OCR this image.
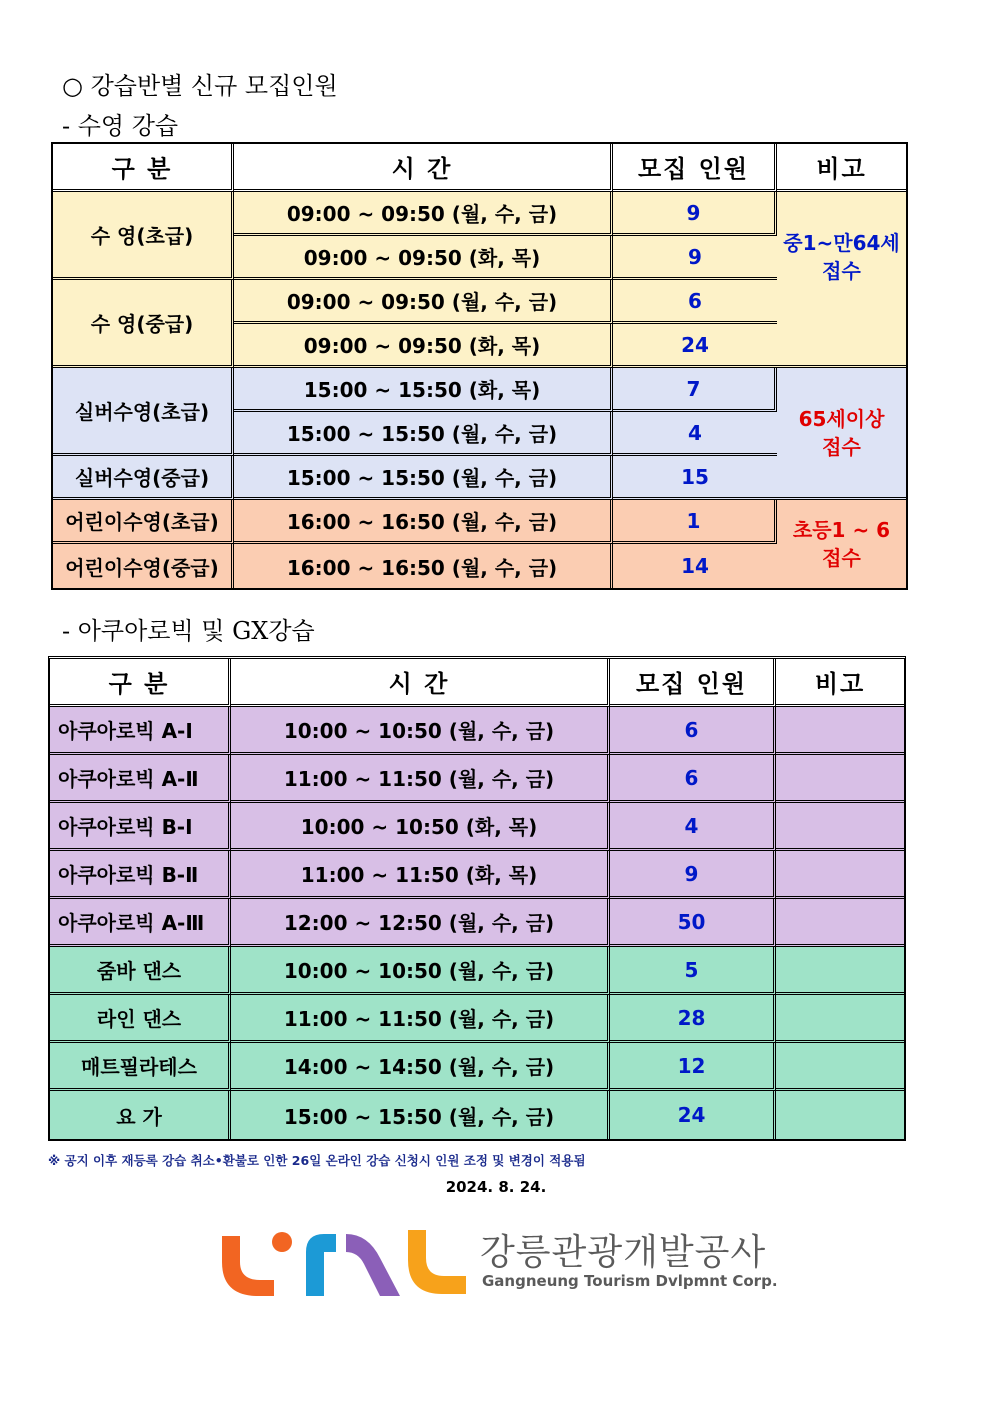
○ 강습반별 신규 모집인원
- 수영 강습
구 분	시 간	모집 인원	비고
수 영(초급)	09:00 ~ 09:50 (월, 수, 금)	9	중1~만64세
접수

	09:00 ~ 09:50 (화, 목)	9	
수 영(중급)	09:00 ~ 09:50 (월, 수, 금)	6	
	09:00 ~ 09:50 (화, 목)	24	
실버수영(초급)	15:00 ~ 15:50 (화, 목)	7	65세이상
접수

	15:00 ~ 15:50 (월, 수, 금)	4	
실버수영(중급)	15:00 ~ 15:50 (월, 수, 금)	15	
어린이수영(초급)	16:00 ~ 16:50 (월, 수, 금)	1	초등1 ~ 6
접수

어린이수영(중급)	16:00 ~ 16:50 (월, 수, 금)	14	
- 아쿠아로빅 및 GX강습
구 분	시 간	모집 인원	비고
아쿠아로빅 A-Ⅰ	10:00 ~ 10:50 (월, 수, 금)	6	
아쿠아로빅 A-Ⅱ	11:00 ~ 11:50 (월, 수, 금)	6	
아쿠아로빅 B-Ⅰ	10:00 ~ 10:50 (화, 목)	4	
아쿠아로빅 B-Ⅱ	11:00 ~ 11:50 (화, 목)	9	
아쿠아로빅 A-Ⅲ	12:00 ~ 12:50 (월, 수, 금)	50	
줌바 댄스	10:00 ~ 10:50 (월, 수, 금)	5	
라인 댄스	11:00 ~ 11:50 (월, 수, 금)	28	
매트필라테스	14:00 ~ 14:50 (월, 수, 금)	12	
요 가	15:00 ~ 15:50 (월, 수, 금)	24	
※ 공지 이후 재등록 강습 취소•환불로 인한 26일 온라인 강습 신청시 인원 조정 및 변경이 적용됨
2024. 8. 24.
강릉관광개발공사
Gangneung Tourism Dvlpmnt Corp.
